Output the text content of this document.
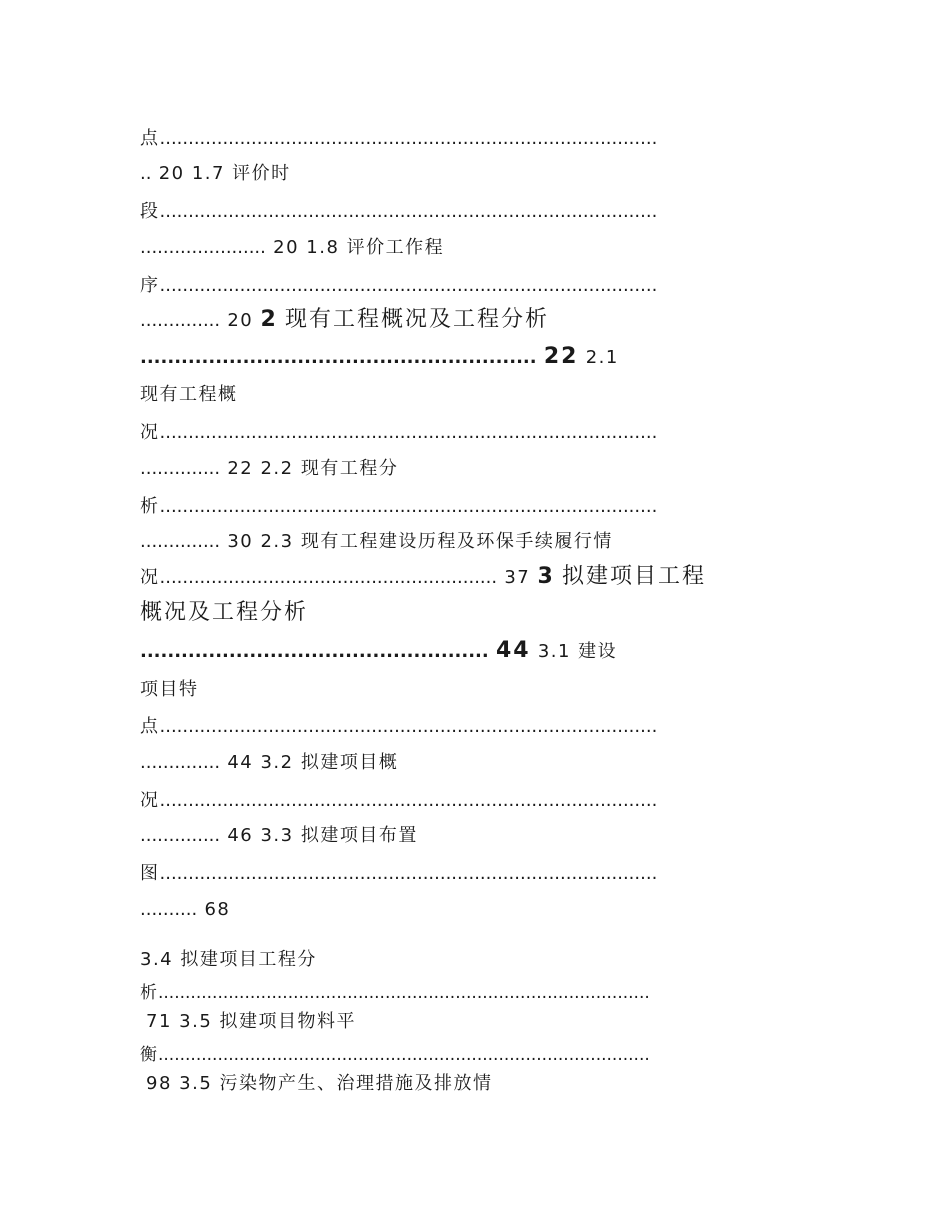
点.......................................................................................
.. 20 1.7 评价时
段.......................................................................................
...................... 20 1.8 评价工作程
序.......................................................................................
.............. 20 2 现有工程概况及工程分析
.......................................................... 22 2.1
现有工程概
况.......................................................................................
.............. 22 2.2 现有工程分
析.......................................................................................
.............. 30 2.3 现有工程建设历程及环保手续履行情
况........................................................... 37 3 拟建项目工程
概况及工程分析
................................................... 44 3.1 建设
项目特
点.......................................................................................
.............. 44 3.2 拟建项目概
况.......................................................................................
.............. 46 3.3 拟建项目布置
图.......................................................................................
.......... 68
3.4 拟建项目工程分
析...........................................................................................
71 3.5 拟建项目物料平
衡...........................................................................................
98 3.5 污染物产生、治理措施及排放情
